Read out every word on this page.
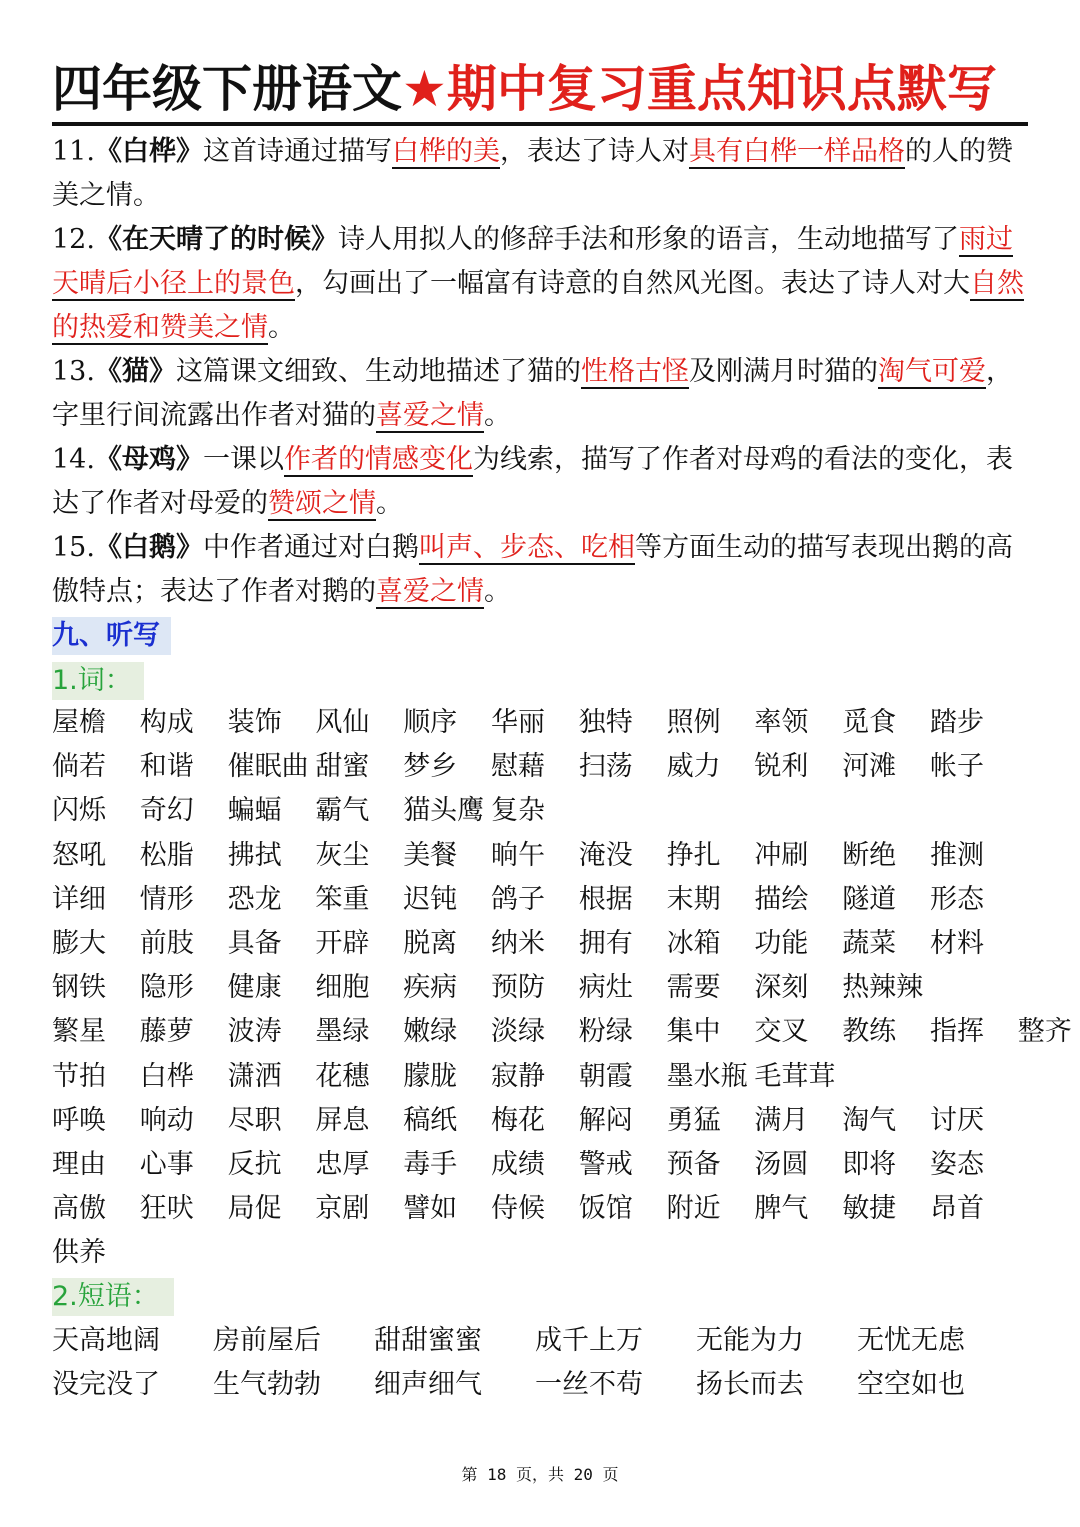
四年级下册语文★期中复习重点知识点默写
11.《白桦》这首诗通过描写白桦的美，表达了诗人对具有白桦一样品格的人的赞美之情。
12.《在天晴了的时候》诗人用拟人的修辞手法和形象的语言，生动地描写了雨过天晴后小径上的景色，勾画出了一幅富有诗意的自然风光图。表达了诗人对大自然的热爱和赞美之情。
13.《猫》这篇课文细致、生动地描述了猫的性格古怪及刚满月时猫的淘气可爱，字里行间流露出作者对猫的喜爱之情。
14.《母鸡》一课以作者的情感变化为线索，描写了作者对母鸡的看法的变化，表达了作者对母爱的赞颂之情。
15.《白鹅》中作者通过对白鹅叫声、步态、吃相等方面生动的描写表现出鹅的高傲特点；表达了作者对鹅的喜爱之情。
九、听写
1.词：
屋檐 构成 装饰 风仙 顺序 华丽 独特 照例 率领 觅食 踏步
倘若 和谐 催眠曲 甜蜜 梦乡 慰藉 扫荡 威力 锐利 河滩 帐子
闪烁 奇幻 蝙蝠 霸气 猫头鹰 复杂
怒吼 松脂 拂拭 灰尘 美餐 晌午 淹没 挣扎 冲刷 断绝 推测
详细 情形 恐龙 笨重 迟钝 鸽子 根据 末期 描绘 隧道 形态
膨大 前肢 具备 开辟 脱离 纳米 拥有 冰箱 功能 蔬菜 材料
钢铁 隐形 健康 细胞 疾病 预防 病灶 需要 深刻 热辣辣
繁星 藤萝 波涛 墨绿 嫩绿 淡绿 粉绿 集中 交叉 教练 指挥 整齐
节拍 白桦 潇洒 花穗 朦胧 寂静 朝霞 墨水瓶 毛茸茸
呼唤 响动 尽职 屏息 稿纸 梅花 解闷 勇猛 满月 淘气 讨厌
理由 心事 反抗 忠厚 毒手 成绩 警戒 预备 汤圆 即将 姿态
高傲 狂吠 局促 京剧 譬如 侍候 饭馆 附近 脾气 敏捷 昂首
供养
2.短语：
天高地阔 房前屋后 甜甜蜜蜜 成千上万 无能为力 无忧无虑
没完没了 生气勃勃 细声细气 一丝不苟 扬长而去 空空如也
第 18 页，共 20 页
